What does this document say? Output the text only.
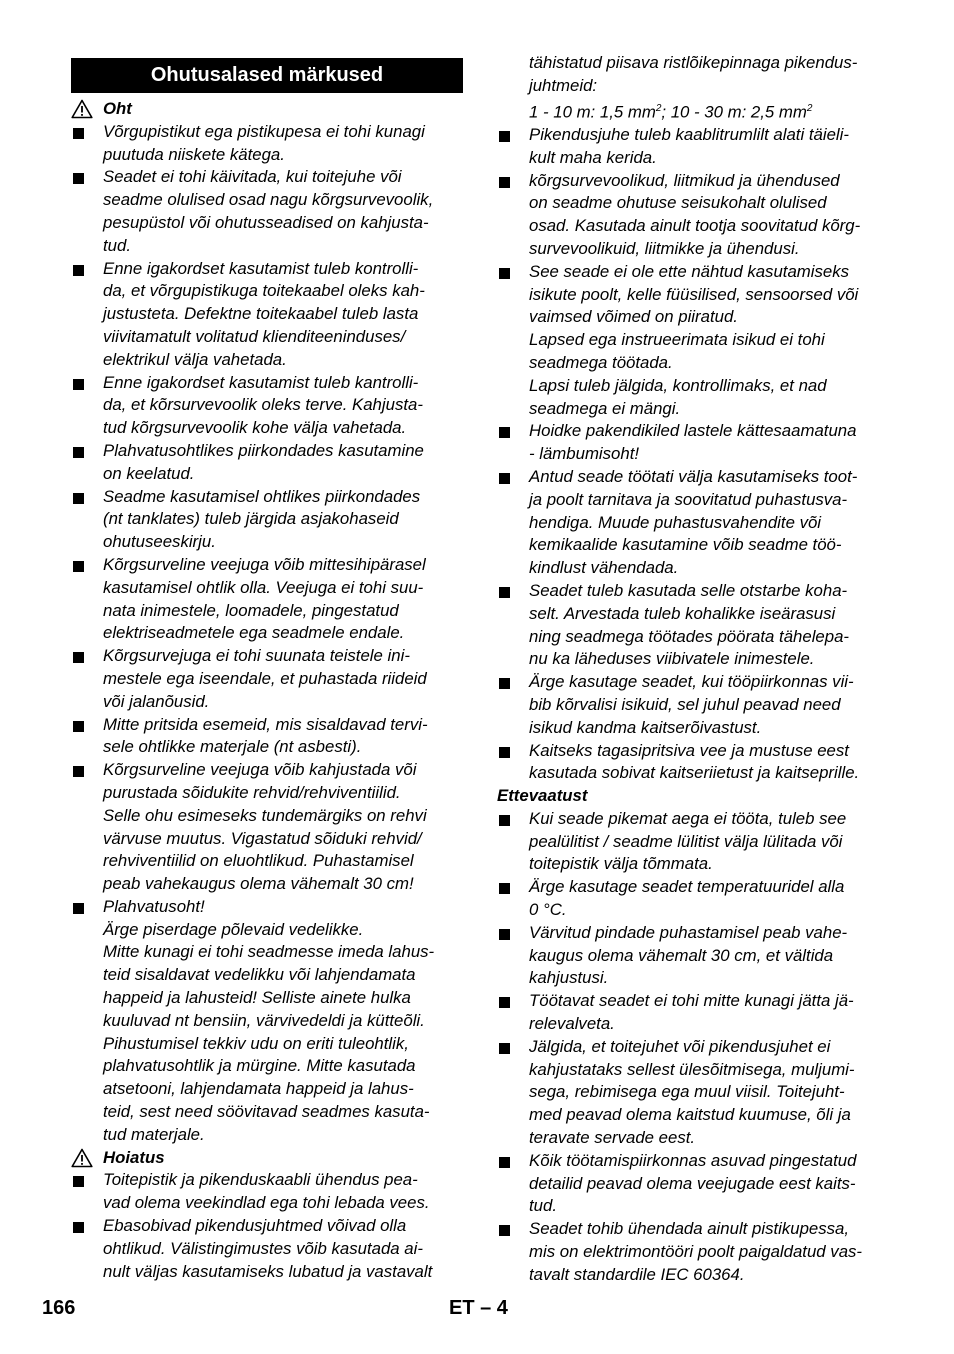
Ohutusalased märkused
Oht
Võrgupistikut ega pistikupesa ei tohi kunagi
puutuda niiskete kätega.
Seadet ei tohi käivitada, kui toitejuhe või
seadme olulised osad nagu kõrgsurvevoolik,
pesupüstol või ohutusseadised on kahjusta-
tud.
Enne igakordset kasutamist tuleb kontrolli-
da, et võrgupistikuga toitekaabel oleks kah-
justusteta. Defektne toitekaabel tuleb lasta
viivitamatult volitatud klienditeeninduses/
elektrikul välja vahetada.
Enne igakordset kasutamist tuleb kantrolli-
da, et kõrsurvevoolik oleks terve. Kahjusta-
tud kõrgsurvevoolik kohe välja vahetada.
Plahvatusohtlikes piirkondades kasutamine
on keelatud.
Seadme kasutamisel ohtlikes piirkondades
(nt tanklates) tuleb järgida asjakohaseid
ohutuseeskirju.
Kõrgsurveline veejuga võib mittesihipärasel
kasutamisel ohtlik olla. Veejuga ei tohi suu-
nata inimestele, loomadele, pingestatud
elektriseadmetele ega seadmele endale.
Kõrgsurvejuga ei tohi suunata teistele ini-
mestele ega iseendale, et puhastada riideid
või jalanõusid.
Mitte pritsida esemeid, mis sisaldavad tervi-
sele ohtlikke materjale (nt asbesti).
Kõrgsurveline veejuga võib kahjustada või
purustada sõidukite rehvid/rehviventiilid.
Selle ohu esimeseks tundemärgiks on rehvi
värvuse muutus. Vigastatud sõiduki rehvid/
rehviventiilid on eluohtlikud. Puhastamisel
peab vahekaugus olema vähemalt 30 cm!
Plahvatusoht!
Ärge piserdage põlevaid vedelikke.
Mitte kunagi ei tohi seadmesse imeda lahus-
teid sisaldavat vedelikku või lahjendamata
happeid ja lahusteid! Selliste ainete hulka
kuuluvad nt bensiin, värvivedeldi ja kütteõli.
Pihustumisel tekkiv udu on eriti tuleohtlik,
plahvatusohtlik ja mürgine. Mitte kasutada
atsetooni, lahjendamata happeid ja lahus-
teid, sest need söövitavad seadmes kasuta-
tud materjale.
Hoiatus
Toitepistik ja pikenduskaabli ühendus pea-
vad olema veekindlad ega tohi lebada vees.
Ebasobivad pikendusjuhtmed võivad olla
ohtlikud. Välistingimustes võib kasutada ai-
nult väljas kasutamiseks lubatud ja vastavalt
tähistatud piisava ristlõikepinnaga pikendus-
juhtmeid:
1 - 10 m: 1,5 $mm^2$; 10 - 30 m: 2,5 $mm^2$
Pikendusjuhe tuleb kaablitrumlilt alati täieli-
kult maha kerida.
kõrgsurvevoolikud, liitmikud ja ühendused
on seadme ohutuse seisukohalt olulised
osad. Kasutada ainult tootja soovitatud kõrg-
survevoolikuid, liitmikke ja ühendusi.
See seade ei ole ette nähtud kasutamiseks
isikute poolt, kelle füüsilised, sensoorsed või
vaimsed võimed on piiratud.
Lapsed ega instrueerimata isikud ei tohi
seadmega töötada.
Lapsi tuleb jälgida, kontrollimaks, et nad
seadmega ei mängi.
Hoidke pakendikiled lastele kättesaamatuna
- lämbumisoht!
Antud seade töötati välja kasutamiseks toot-
ja poolt tarnitava ja soovitatud puhastusva-
hendiga. Muude puhastusvahendite või
kemikaalide kasutamine võib seadme töö-
kindlust vähendada.
Seadet tuleb kasutada selle otstarbe koha-
selt. Arvestada tuleb kohalikke iseärasusi
ning seadmega töötades pöörata tähelepa-
nu ka läheduses viibivatele inimestele.
Ärge kasutage seadet, kui tööpiirkonnas vii-
bib kõrvalisi isikuid, sel juhul peavad need
isikud kandma kaitserõivastust.
Kaitseks tagasipritsiva vee ja mustuse eest
kasutada sobivat kaitseriietust ja kaitseprille.
Ettevaatust
Kui seade pikemat aega ei tööta, tuleb see
pealülitist / seadme lülitist välja lülitada või
toitepistik välja tõmmata.
Ärge kasutage seadet temperatuuridel alla
0 °C.
Värvitud pindade puhastamisel peab vahe-
kaugus olema vähemalt 30 cm, et vältida
kahjustusi.
Töötavat seadet ei tohi mitte kunagi jätta jä-
relevalveta.
Jälgida, et toitejuhet või pikendusjuhet ei
kahjustataks sellest ülesõitmisega, muljumi-
sega, rebimisega ega muul viisil. Toitejuht-
med peavad olema kaitstud kuumuse, õli ja
teravate servade eest.
Kõik töötamispiirkonnas asuvad pingestatud
detailid peavad olema veejugade eest kaits-
tud.
Seadet tohib ühendada ainult pistikupessa,
mis on elektrimontööri poolt paigaldatud vas-
tavalt standardile IEC 60364.
166	ET – 4
